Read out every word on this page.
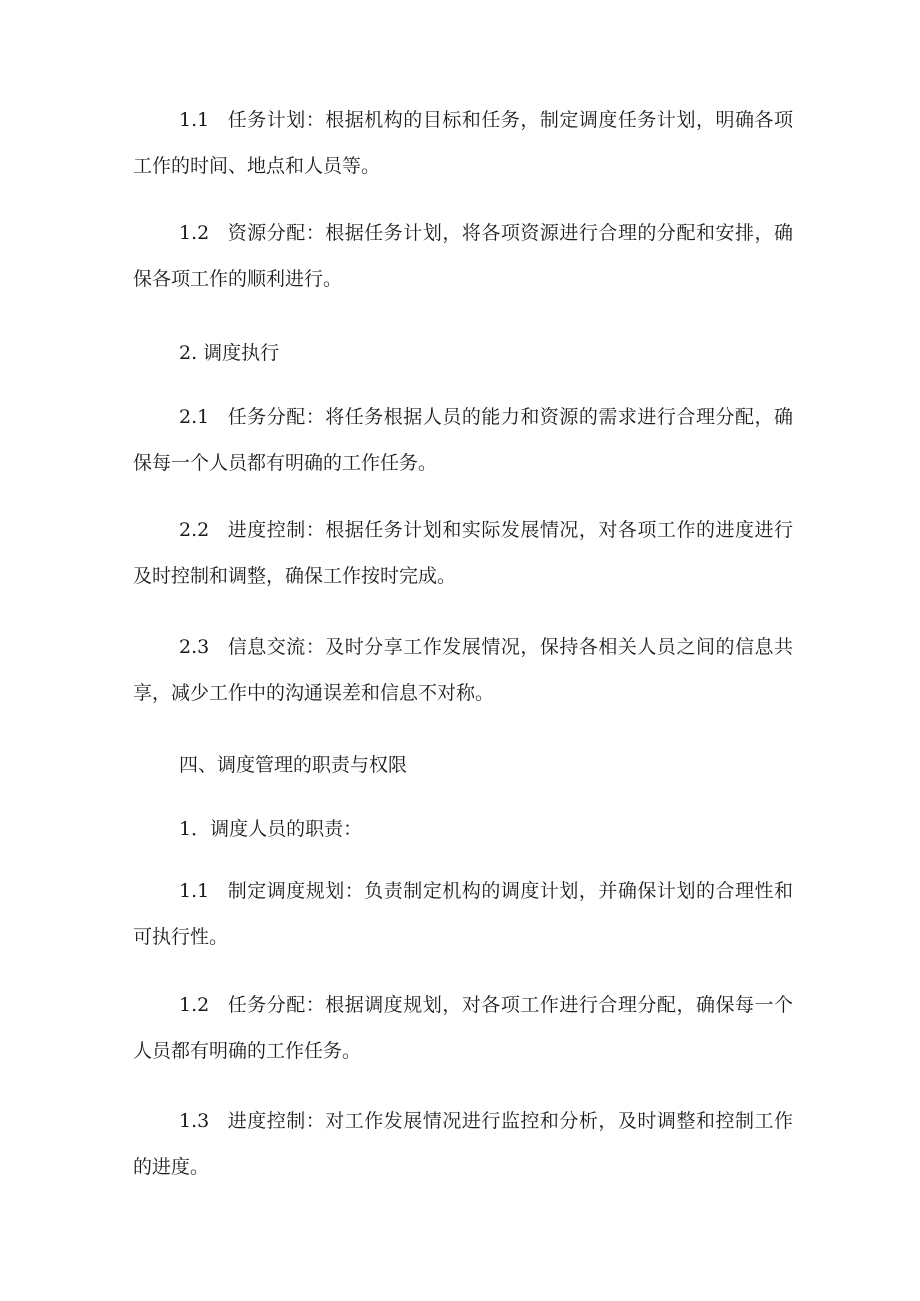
1.1 任务计划：根据机构的目标和任务，制定调度任务计划，明确各项工作的时间、地点和人员等。

1.2 资源分配：根据任务计划，将各项资源进行合理的分配和安排，确保各项工作的顺利进行。

2. 调度执行

2.1 任务分配：将任务根据人员的能力和资源的需求进行合理分配，确保每一个人员都有明确的工作任务。

2.2 进度控制：根据任务计划和实际发展情况，对各项工作的进度进行及时控制和调整，确保工作按时完成。

2.3 信息交流：及时分享工作发展情况，保持各相关人员之间的信息共享，减少工作中的沟通误差和信息不对称。

四、调度管理的职责与权限

1．调度人员的职责：

1.1 制定调度规划：负责制定机构的调度计划，并确保计划的合理性和可执行性。

1.2 任务分配：根据调度规划，对各项工作进行合理分配，确保每一个人员都有明确的工作任务。

1.3 进度控制：对工作发展情况进行监控和分析，及时调整和控制工作的进度。
